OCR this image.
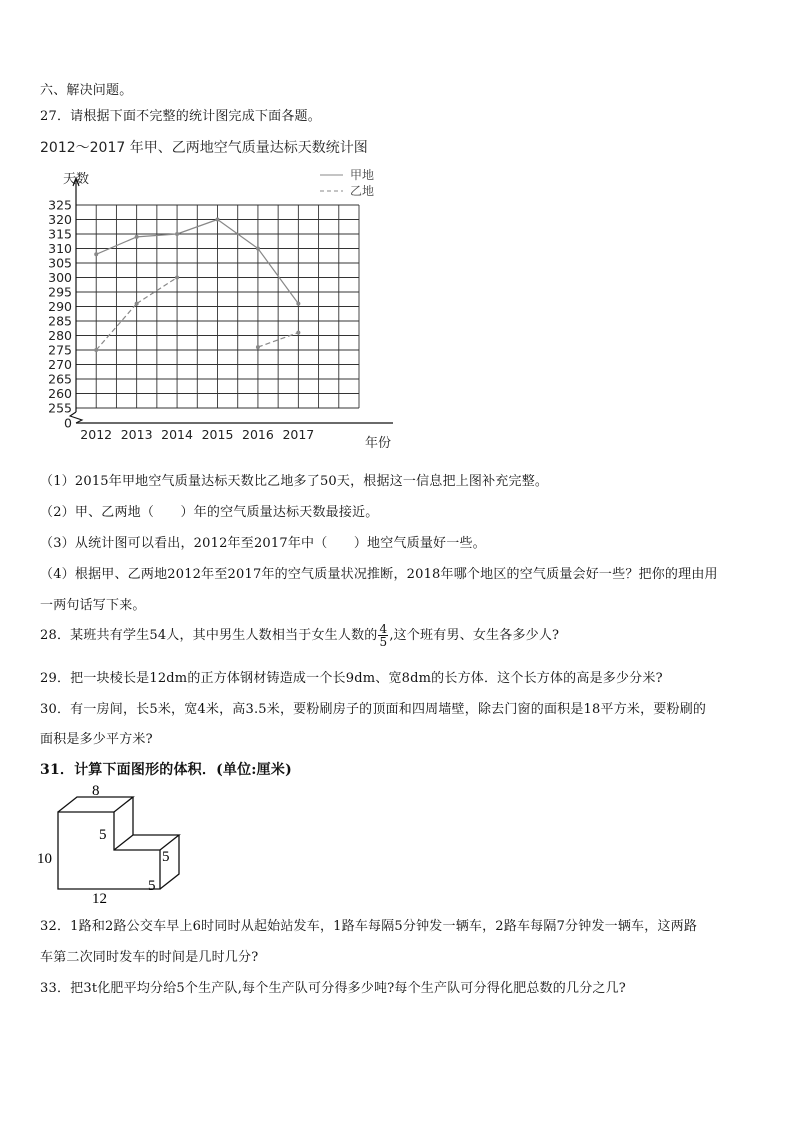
六、解决问题。
27．请根据下面不完整的统计图完成下面各题。
2012～2017 年甲、乙两地空气质量达标天数统计图
天数
年份
甲地
乙地
325
320
315
310
305
300
295
290
285
280
275
270
265
260
255
0
2012 2013 2014 2015 2016 2017
（1）2015年甲地空气质量达标天数比乙地多了50天，根据这一信息把上图补充完整。
（2）甲、乙两地（　　）年的空气质量达标天数最接近。
（3）从统计图可以看出，2012年至2017年中（　　）地空气质量好一些。
（4）根据甲、乙两地2012年至2017年的空气质量状况推断，2018年哪个地区的空气质量会好一些？把你的理由用
一两句话写下来。
28．某班共有学生54人，其中男生人数相当于女生人数的 $\frac{4}{5}$ ,这个班有男、女生各多少人?
29．把一块棱长是12dm的正方体钢材铸造成一个长9dm、宽8dm的长方体．这个长方体的高是多少分米?
30．有一房间，长5米，宽4米，高3.5米，要粉刷房子的顶面和四周墙壁，除去门窗的面积是18平方米，要粉刷的
面积是多少平方米?
31．计算下面图形的体积．(单位:厘米)
8
10
12
5
5
5
32．1路和2路公交车早上6时同时从起始站发车，1路车每隔5分钟发一辆车，2路车每隔7分钟发一辆车，这两路
车第二次同时发车的时间是几时几分?
33．把3t化肥平均分给5个生产队,每个生产队可分得多少吨?每个生产队可分得化肥总数的几分之几?
